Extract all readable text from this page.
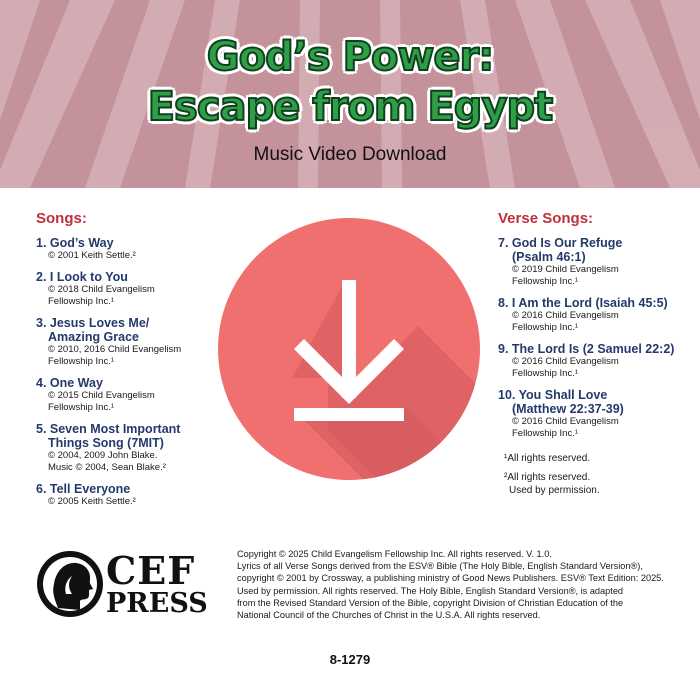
God’s Power:
Escape from Egypt
Music Video Download
Songs:
1. God’s Way
© 2001 Keith Settle.²
2. I Look to You
© 2018 Child Evangelism
Fellowship Inc.¹
3. Jesus Loves Me/
Amazing Grace
© 2010, 2016 Child Evangelism
Fellowship Inc.¹
4. One Way
© 2015 Child Evangelism
Fellowship Inc.¹
5. Seven Most Important
Things Song (7MIT)
© 2004, 2009 John Blake.
Music © 2004, Sean Blake.²
6. Tell Everyone
© 2005 Keith Settle.²
Verse Songs:
7. God Is Our Refuge
(Psalm 46:1)
© 2019 Child Evangelism
Fellowship Inc.¹
8. I Am the Lord (Isaiah 45:5)
© 2016 Child Evangelism
Fellowship Inc.¹
9. The Lord Is (2 Samuel 22:2)
© 2016 Child Evangelism
Fellowship Inc.¹
10. You Shall Love
(Matthew 22:37-39)
© 2016 Child Evangelism
Fellowship Inc.¹
¹All rights reserved.
²All rights reserved.
Used by permission.
CEF
PRESS
Copyright © 2025 Child Evangelism Fellowship Inc. All rights reserved. V. 1.0.
Lyrics of all Verse Songs derived from the ESV® Bible (The Holy Bible, English Standard Version®),
copyright © 2001 by Crossway, a publishing ministry of Good News Publishers. ESV® Text Edition: 2025.
Used by permission. All rights reserved. The Holy Bible, English Standard Version®, is adapted
from the Revised Standard Version of the Bible, copyright Division of Christian Education of the
National Council of the Churches of Christ in the U.S.A. All rights reserved.
8-1279
